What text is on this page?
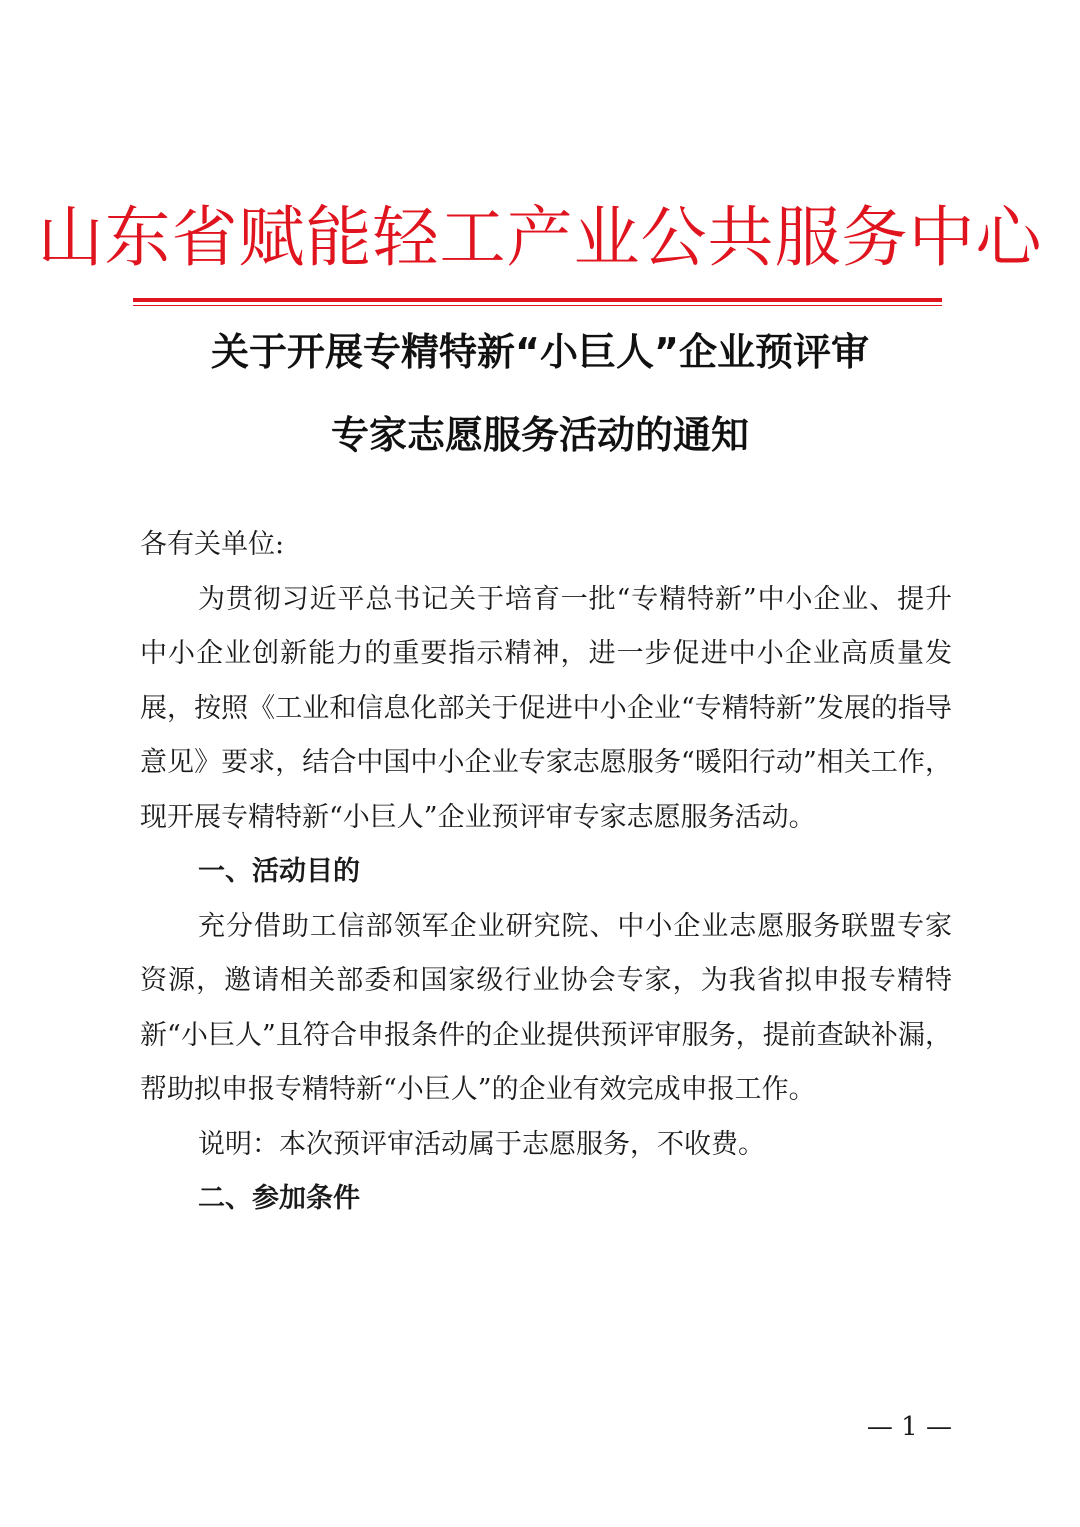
山东省赋能轻工产业公共服务中心
关于开展专精特新“小巨人”企业预评审
专家志愿服务活动的通知

各有关单位:

为贯彻习近平总书记关于培育一批“专精特新”中小企业、提升中小企业创新能力的重要指示精神，进一步促进中小企业高质量发展，按照《工业和信息化部关于促进中小企业“专精特新”发展的指导意见》要求，结合中国中小企业专家志愿服务“暖阳行动”相关工作，现开展专精特新“小巨人”企业预评审专家志愿服务活动。

一、活动目的

充分借助工信部领军企业研究院、中小企业志愿服务联盟专家资源，邀请相关部委和国家级行业协会专家，为我省拟申报专精特新“小巨人”且符合申报条件的企业提供预评审服务，提前查缺补漏，帮助拟申报专精特新“小巨人”的企业有效完成申报工作。

说明：本次预评审活动属于志愿服务，不收费。

二、参加条件

— 1 —
